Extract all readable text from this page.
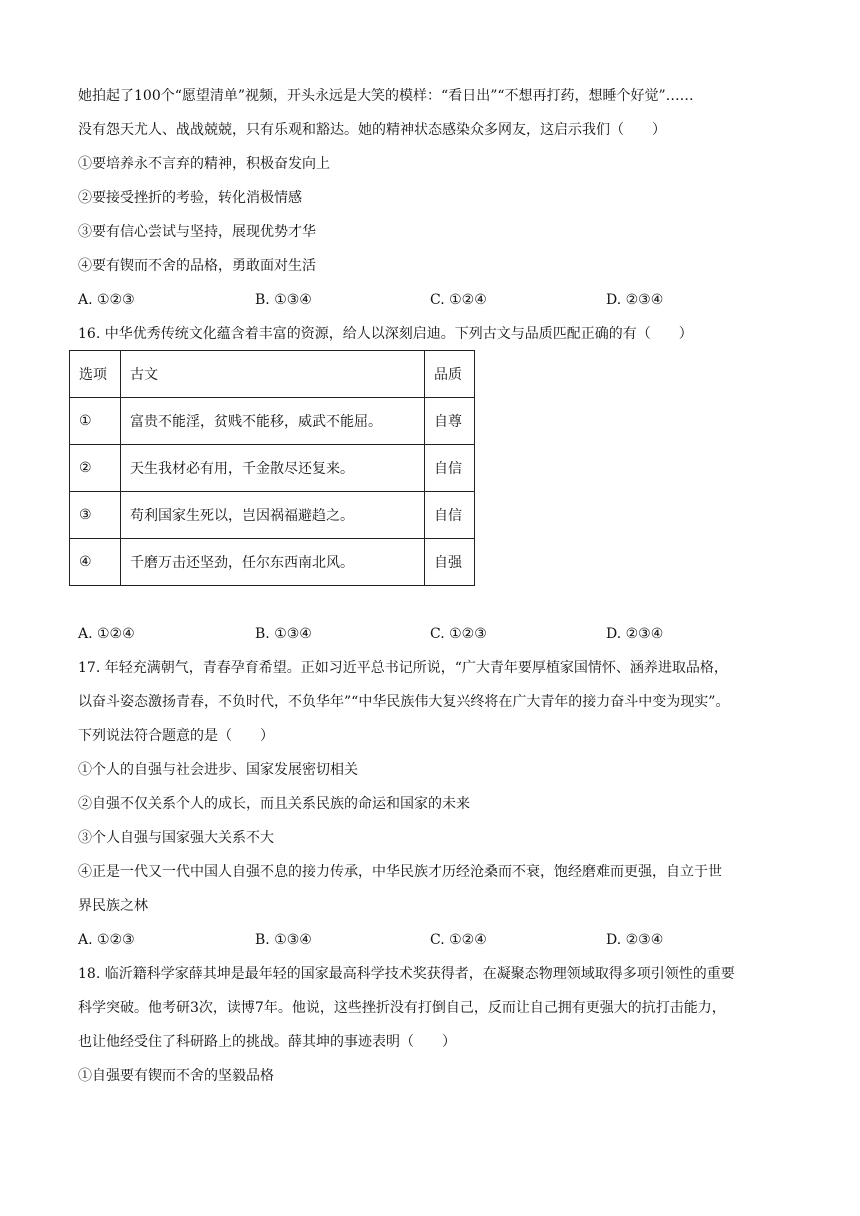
她拍起了100个“愿望清单”视频，开头永远是大笑的模样：“看日出”“不想再打药，想睡个好觉”……
没有怨天尤人、战战兢兢，只有乐观和豁达。她的精神状态感染众多网友，这启示我们（　　）
①要培养永不言弃的精神，积极奋发向上
②要接受挫折的考验，转化消极情感
③要有信心尝试与坚持，展现优势才华
④要有锲而不舍的品格，勇敢面对生活
A. ①②③	B. ①③④	C. ①②④	D. ②③④
16. 中华优秀传统文化蕴含着丰富的资源，给人以深刻启迪。下列古文与品质匹配正确的有（　　）
选项	古文	品质
①	富贵不能淫，贫贱不能移，威武不能屈。	自尊
②	天生我材必有用，千金散尽还复来。	自信
③	苟利国家生死以，岂因祸福避趋之。	自信
④	千磨万击还坚劲，任尔东西南北风。	自强
A. ①②④	B. ①③④	C. ①②③	D. ②③④
17. 年轻充满朝气，青春孕育希望。正如习近平总书记所说，“广大青年要厚植家国情怀、涵养进取品格，
以奋斗姿态激扬青春，不负时代，不负华年”“中华民族伟大复兴终将在广大青年的接力奋斗中变为现实”。
下列说法符合题意的是（　　）
①个人的自强与社会进步、国家发展密切相关
②自强不仅关系个人的成长，而且关系民族的命运和国家的未来
③个人自强与国家强大关系不大
④正是一代又一代中国人自强不息的接力传承，中华民族才历经沧桑而不衰，饱经磨难而更强，自立于世
界民族之林
A. ①②③	B. ①③④	C. ①②④	D. ②③④
18. 临沂籍科学家薛其坤是最年轻的国家最高科学技术奖获得者，在凝聚态物理领域取得多项引领性的重要
科学突破。他考研3次，读博7年。他说，这些挫折没有打倒自己，反而让自己拥有更强大的抗打击能力，
也让他经受住了科研路上的挑战。薛其坤的事迹表明（　　）
①自强要有锲而不舍的坚毅品格
